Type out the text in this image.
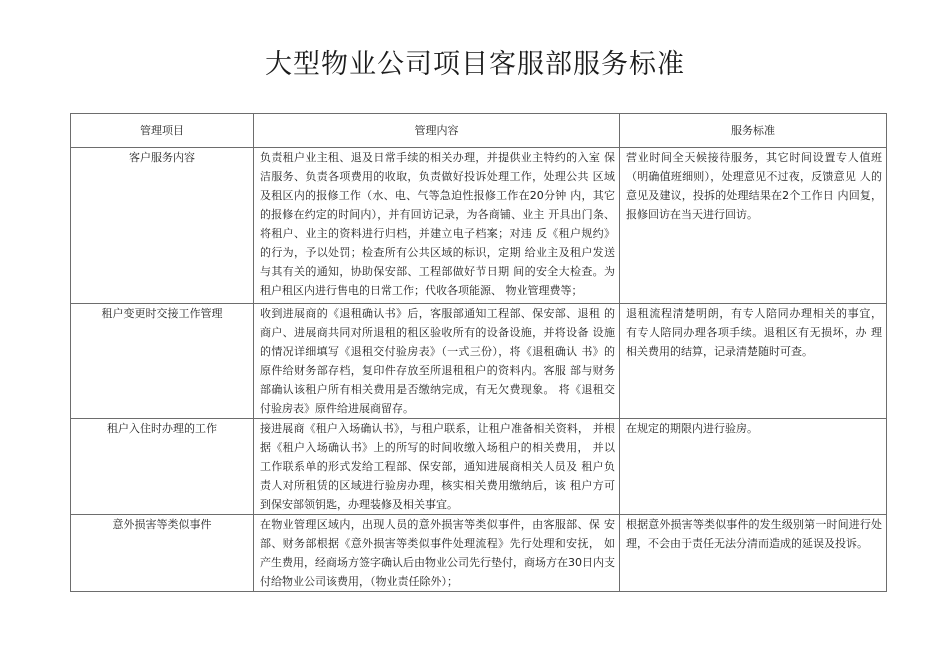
大型物业公司项目客服部服务标准
管理项目	管理内容	服务标准
客户服务内容	负责租户业主租、退及日常手续的相关办理，并提供业主特约的入室 保洁服务、负责各项费用的收取，负责做好投诉处理工作，处理公共 区域及租区内的报修工作（水、电、气等急迫性报修工作在20分钟 内，其它的报修在约定的时间内），并有回访记录，为各商铺、业主 开具出门条、将租户、业主的资料进行归档，并建立电子档案；对违 反《租户规约》的行为，予以处罚；检查所有公共区域的标识，定期 给业主及租户发送与其有关的通知，协助保安部、工程部做好节日期 间的安全大检查。为租户租区内进行售电的日常工作；代收各项能源、 物业管理费等；	营业时间全天候接待服务，其它时间设置专人值班（明确值班细则），处理意见不过夜，反馈意见 人的意见及建议，投拆的处理结果在2个工作日 内回复，报修回访在当天进行回访。
租户变更时交接工作管理	收到进展商的《退租确认书》后，客服部通知工程部、保安部、退租 的商户、进展商共同对所退租的租区验收所有的设备设施，并将设备 设施的情况详细填写《退租交付验房表》（一式三份），将《退租确认 书》的原件给财务部存档，复印件存放至所退租租户的资料内。客服 部与财务部确认该租户所有相关费用是否缴纳完成，有无欠费现象。 将《退租交付验房表》原件给进展商留存。	退租流程清楚明朗，有专人陪同办理相关的事宜， 有专人陪同办理各项手续。退租区有无损坏，办 理相关费用的结算，记录清楚随时可查。
租户入住时办理的工作	接进展商《租户入场确认书》，与租户联系，让租户准备相关资料， 并根据《租户入场确认书》上的所写的时间收缴入场租户的相关费用， 并以工作联系单的形式发给工程部、保安部，通知进展商相关人员及 租户负责人对所租赁的区域进行验房办理，核实相关费用缴纳后，该 租户方可到保安部领钥匙，办理装修及相关事宜。	在规定的期限内进行验房。
意外损害等类似事件	在物业管理区域内，出现人员的意外损害等类似事件，由客服部、保 安部、财务部根据《意外损害等类似事件处理流程》先行处理和安抚， 如产生费用，经商场方签字确认后由物业公司先行垫付，商场方在30日内支付给物业公司该费用，（物业责任除外）；	根据意外损害等类似事件的发生级别第一时间进行处理，不会由于责任无法分清而造成的延误及投诉。
